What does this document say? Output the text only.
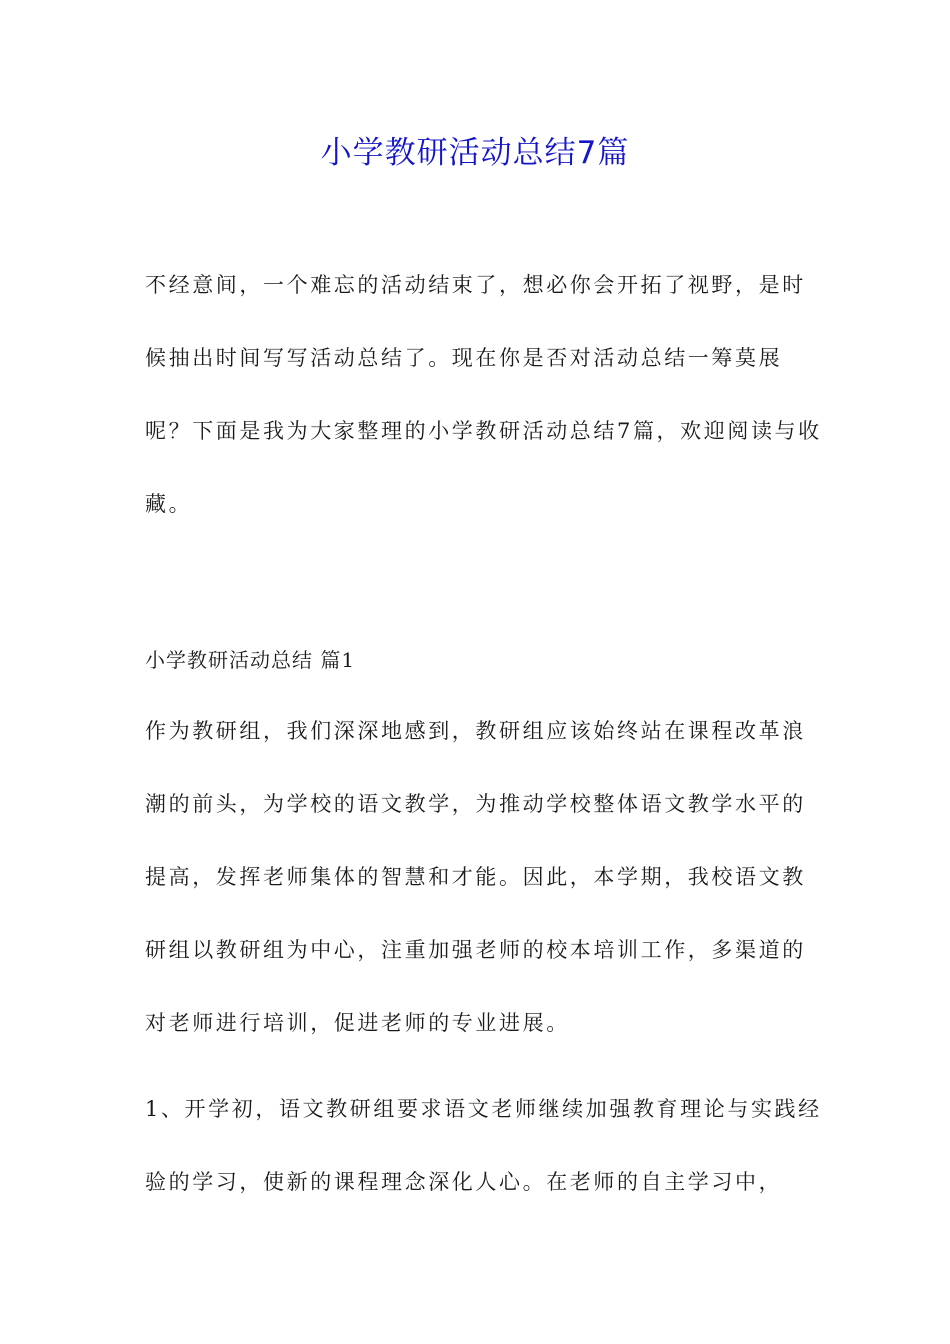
小学教研活动总结7篇

不经意间，一个难忘的活动结束了，想必你会开拓了视野，是时候抽出时间写写活动总结了。现在你是否对活动总结一筹莫展呢？下面是我为大家整理的小学教研活动总结7篇，欢迎阅读与收藏。

小学教研活动总结 篇1

作为教研组，我们深深地感到，教研组应该始终站在课程改革浪潮的前头，为学校的语文教学，为推动学校整体语文教学水平的提高，发挥老师集体的智慧和才能。因此，本学期，我校语文教研组以教研组为中心，注重加强老师的校本培训工作，多渠道的对老师进行培训，促进老师的专业进展。

1、开学初，语文教研组要求语文老师继续加强教育理论与实践经验的学习，使新的课程理念深化人心。在老师的自主学习中，
